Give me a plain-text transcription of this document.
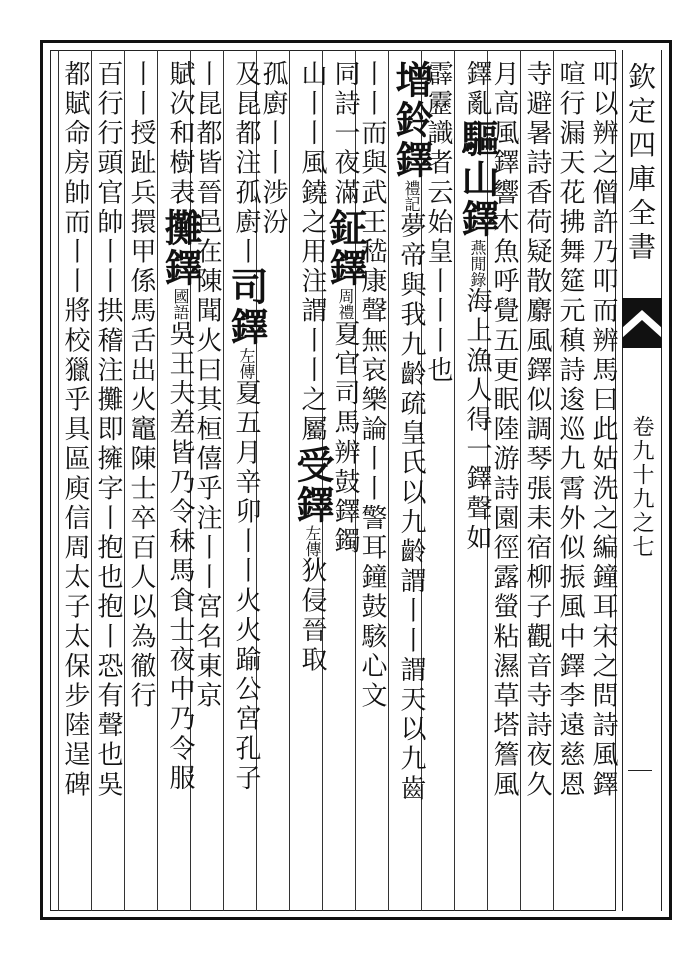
欽定四庫全書
卷九十九之七
叩以辨之僧許乃叩而辨馬曰此姑洗之編鐘耳宋之問詩風鐸
喧行漏天花拂舞筵元稹詩逡巡九霄外似振風中鐸李遠慈恩
寺避暑詩香荷疑散麝風鐸似調琴張耒宿柳子觀音寺詩夜久
月高風鐸響木魚呼覺五更眠陸游詩園徑露螢粘濕草塔簷風
鐸亂驅山鐸燕閒錄海上漁人得一鐸聲如
霹靂識者云始皇丨丨丨也
增鈴鐸禮記夢帝與我九齡疏皇氏以九齡謂丨丨謂天以九齒
丨丨而與武王嵇康聲無哀樂論丨丨警耳鐘鼓駭心文
同詩一夜滿鉦鐸周禮夏官司馬辨鼓鐸鐲
山丨丨風鐃之用注謂丨丨之屬受鐸左傳狄侵晉取
孤廚丨丨涉汾
及昆都注孤廚丨司鐸左傳夏五月辛卯丨丨火火踰公宮孔子
丨昆都皆晉邑在陳聞火曰其桓僖乎注丨丨宮名東京
賦次和樹表攤鐸國語吳王夫差皆乃令秣馬食士夜中乃令服
丨丨授趾兵擐甲係馬舌出火竈陳士卒百人以為徹行
百行行頭官帥丨丨拱稽注攤即擁字丨抱也抱丨恐有聲也吳
都賦命房帥而丨丨將校獵乎具區庾信周太子太保步陸逞碑
